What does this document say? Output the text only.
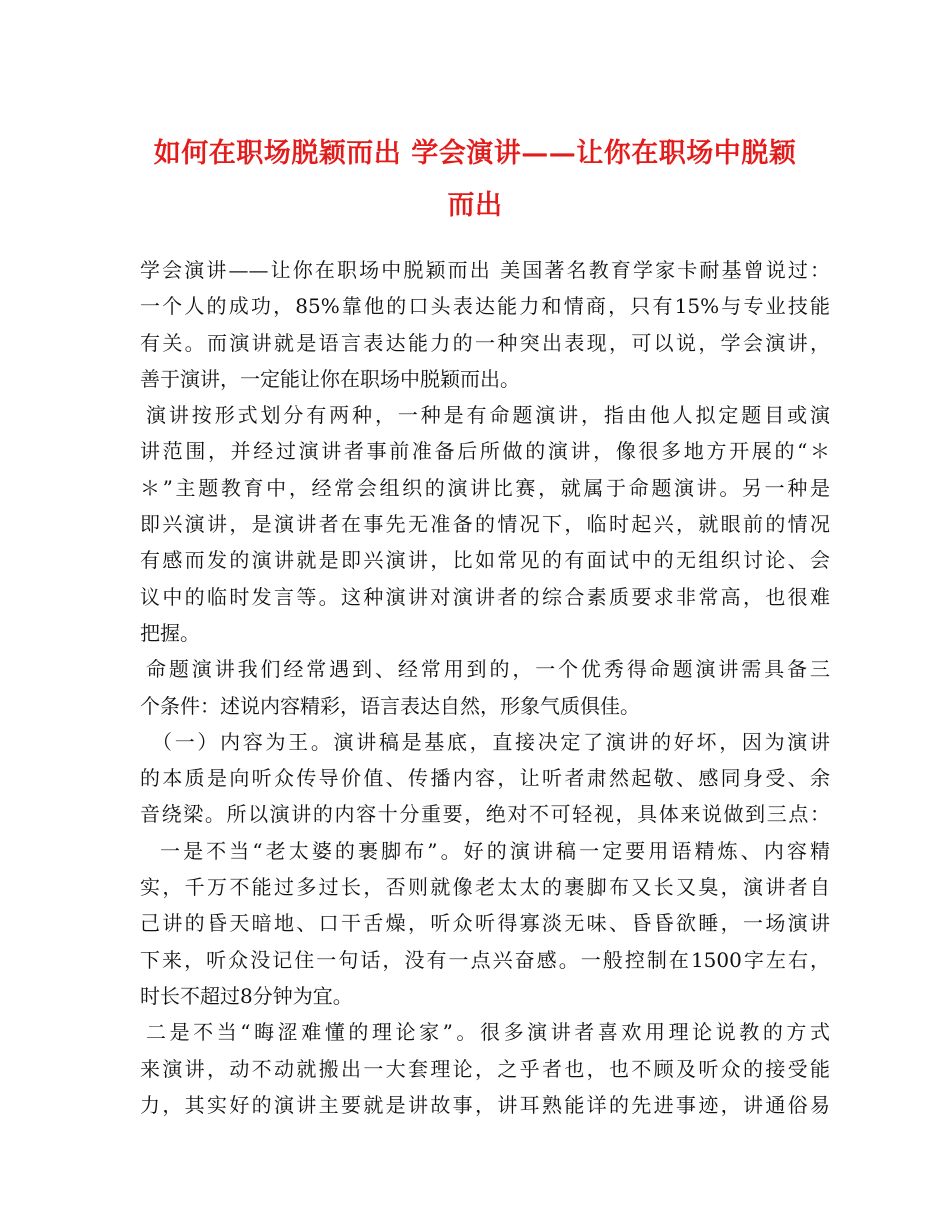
如何在职场脱颖而出 学会演讲——让你在职场中脱颖
而出
学会演讲——让你在职场中脱颖而出 美国著名教育学家卡耐基曾说过：
一个人的成功，85%靠他的口头表达能力和情商，只有15%与专业技能
有关。而演讲就是语言表达能力的一种突出表现，可以说，学会演讲，
善于演讲，一定能让你在职场中脱颖而出。
演讲按形式划分有两种，一种是有命题演讲，指由他人拟定题目或演
讲范围，并经过演讲者事前准备后所做的演讲，像很多地方开展的“＊
＊”主题教育中，经常会组织的演讲比赛，就属于命题演讲。另一种是
即兴演讲，是演讲者在事先无准备的情况下，临时起兴，就眼前的情况
有感而发的演讲就是即兴演讲，比如常见的有面试中的无组织讨论、会
议中的临时发言等。这种演讲对演讲者的综合素质要求非常高，也很难
把握。
命题演讲我们经常遇到、经常用到的，一个优秀得命题演讲需具备三
个条件：述说内容精彩，语言表达自然，形象气质俱佳。
（一）内容为王。演讲稿是基底，直接决定了演讲的好坏，因为演讲
的本质是向听众传导价值、传播内容，让听者肃然起敬、感同身受、余
音绕梁。所以演讲的内容十分重要，绝对不可轻视，具体来说做到三点：
一是不当“老太婆的裹脚布”。好的演讲稿一定要用语精炼、内容精
实，千万不能过多过长，否则就像老太太的裹脚布又长又臭，演讲者自
己讲的昏天暗地、口干舌燥，听众听得寡淡无味、昏昏欲睡，一场演讲
下来，听众没记住一句话，没有一点兴奋感。一般控制在1500字左右，
时长不超过8分钟为宜。
二是不当“晦涩难懂的理论家”。很多演讲者喜欢用理论说教的方式
来演讲，动不动就搬出一大套理论，之乎者也，也不顾及听众的接受能
力，其实好的演讲主要就是讲故事，讲耳熟能详的先进事迹，讲通俗易
